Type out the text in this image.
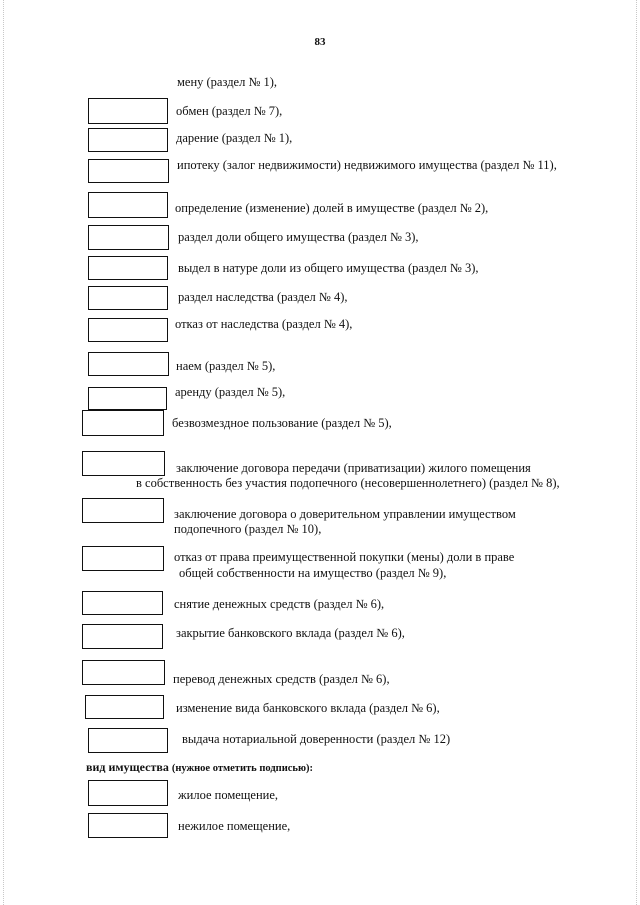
83
мену (раздел № 1),
обмен (раздел № 7),
дарение (раздел № 1),
ипотеку (залог недвижимости) недвижимого имущества (раздел № 11),
определение (изменение) долей в имуществе (раздел № 2),
раздел доли общего имущества (раздел № 3),
выдел в натуре доли из общего имущества (раздел № 3),
раздел наследства (раздел № 4),
отказ от наследства (раздел № 4),
наем (раздел № 5),
аренду (раздел № 5),
безвозмездное пользование (раздел № 5),
заключение договора передачи (приватизации) жилого помещения
в собственность без участия подопечного (несовершеннолетнего) (раздел № 8),
заключение договора о доверительном управлении имуществом
подопечного (раздел № 10),
отказ от права преимущественной покупки (мены) доли в праве
общей собственности на имущество (раздел № 9),
снятие денежных средств (раздел № 6),
закрытие банковского вклада (раздел № 6),
перевод денежных средств (раздел № 6),
изменение вида банковского вклада (раздел № 6),
выдача нотариальной доверенности (раздел № 12)
вид имущества (нужное отметить подписью):
жилое помещение,
нежилое помещение,
